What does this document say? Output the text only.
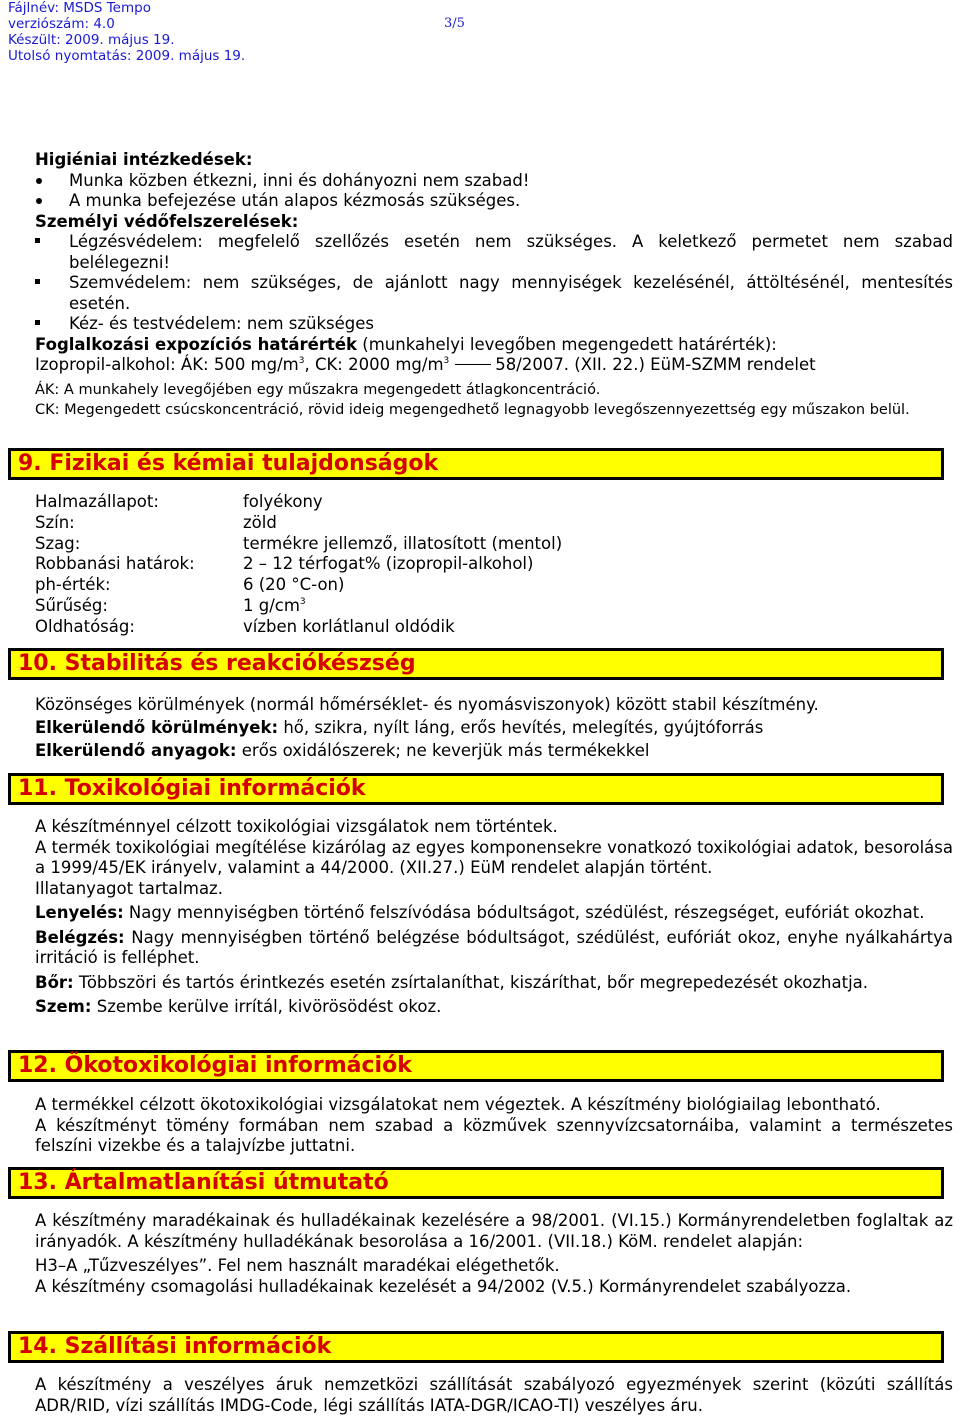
Fájlnév: MSDS Tempo
verziószám: 4.0
Készült: 2009. május 19.
Utolsó nyomtatás: 2009. május 19.
3/5
Higiéniai intézkedések:
Munka közben étkezni, inni és dohányozni nem szabad!
A munka befejezése után alapos kézmosás szükséges.
Személyi védőfelszerelések:
Légzésvédelem: megfelelő szellőzés esetén nem szükséges. A keletkező permetet nem szabad belélegezni!
Szemvédelem: nem szükséges, de ajánlott nagy mennyiségek kezelésénél, áttöltésénél, mentesítés esetén.
Kéz- és testvédelem: nem szükséges
Foglalkozási expozíciós határérték (munkahelyi levegőben megengedett határérték):
Izopropil-alkohol: ÁK: 500 $mg/m^3$, CK: 2000 $mg/m^3$	58/2007. (XII. 22.) EüM-SZMM rendelet
ÁK: A munkahely levegőjében egy műszakra megengedett átlagkoncentráció.
CK: Megengedett csúcskoncentráció, rövid ideig megengedhető legnagyobb levegőszennyezettség egy műszakon belül.
9. Fizikai és kémiai tulajdonságok
Halmazállapot:	folyékony
Szín:	zöld
Szag:	termékre jellemző, illatosított (mentol)
Robbanási határok:	2 – 12 térfogat% (izopropil-alkohol)
ph-érték:	6 (20 °C-on)
Sűrűség:	1 $g/cm^3$
Oldhatóság:	vízben korlátlanul oldódik
10. Stabilitás és reakciókészség
Közönséges körülmények (normál hőmérséklet- és nyomásviszonyok) között stabil készítmény.
Elkerülendő körülmények: hő, szikra, nyílt láng, erős hevítés, melegítés, gyújtóforrás
Elkerülendő anyagok: erős oxidálószerek; ne keverjük más termékekkel
11. Toxikológiai információk
A készítménnyel célzott toxikológiai vizsgálatok nem történtek.
A termék toxikológiai megítélése kizárólag az egyes komponensekre vonatkozó toxikológiai adatok, besorolása a 1999/45/EK irányelv, valamint a 44/2000. (XII.27.) EüM rendelet alapján történt.
Illatanyagot tartalmaz.
Lenyelés: Nagy mennyiségben történő felszívódása bódultságot, szédülést, részegséget, eufóriát okozhat.
Belégzés: Nagy mennyiségben történő belégzése bódultságot, szédülést, eufóriát okoz, enyhe nyálkahártya irritáció is felléphet.
Bőr: Többszöri és tartós érintkezés esetén zsírtalaníthat, kiszáríthat, bőr megrepedezését okozhatja.
Szem: Szembe kerülve irrítál, kivörösödést okoz.
12. Ökotoxikológiai információk
A termékkel célzott ökotoxikológiai vizsgálatokat nem végeztek. A készítmény biológiailag lebontható.
A készítményt tömény formában nem szabad a közművek szennyvízcsatornáiba, valamint a természetes felszíni vizekbe és a talajvízbe juttatni.
13. Ártalmatlanítási útmutató
A készítmény maradékainak és hulladékainak kezelésére a 98/2001. (VI.15.) Kormányrendeletben foglaltak az irányadók. A készítmény hulladékának besorolása a 16/2001. (VII.18.) KöM. rendelet alapján:
H3–A „Tűzveszélyes”. Fel nem használt maradékai elégethetők.
A készítmény csomagolási hulladékainak kezelését a 94/2002 (V.5.) Kormányrendelet szabályozza.
14. Szállítási információk
A készítmény a veszélyes áruk nemzetközi szállítását szabályozó egyezmények szerint (közúti szállítás ADR/RID, vízi szállítás IMDG-Code, légi szállítás IATA-DGR/ICAO-TI) veszélyes áru.
